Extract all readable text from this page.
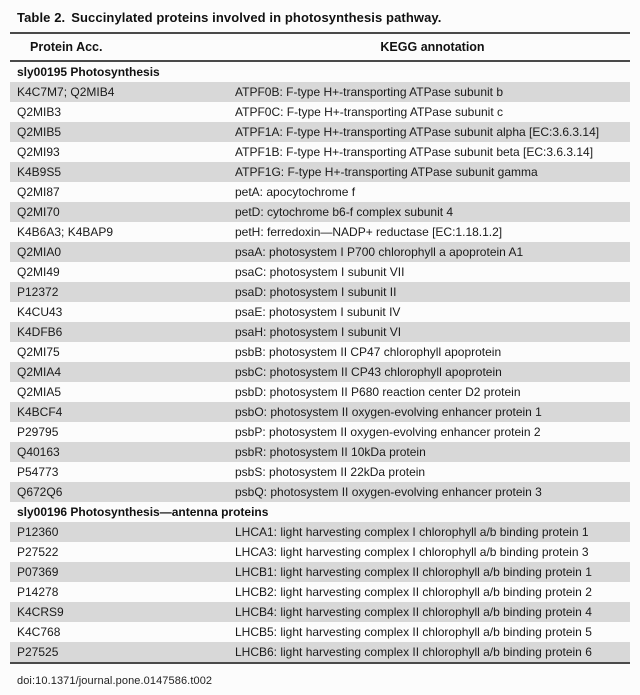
Table 2. Succinylated proteins involved in photosynthesis pathway.
Protein Acc.	KEGG annotation
sly00195 Photosynthesis
K4C7M7; Q2MIB4	ATPF0B: F-type H+-transporting ATPase subunit b
Q2MIB3	ATPF0C: F-type H+-transporting ATPase subunit c
Q2MIB5	ATPF1A: F-type H+-transporting ATPase subunit alpha [EC:3.6.3.14]
Q2MI93	ATPF1B: F-type H+-transporting ATPase subunit beta [EC:3.6.3.14]
K4B9S5	ATPF1G: F-type H+-transporting ATPase subunit gamma
Q2MI87	petA: apocytochrome f
Q2MI70	petD: cytochrome b6-f complex subunit 4
K4B6A3; K4BAP9	petH: ferredoxin—NADP+ reductase [EC:1.18.1.2]
Q2MIA0	psaA: photosystem I P700 chlorophyll a apoprotein A1
Q2MI49	psaC: photosystem I subunit VII
P12372	psaD: photosystem I subunit II
K4CU43	psaE: photosystem I subunit IV
K4DFB6	psaH: photosystem I subunit VI
Q2MI75	psbB: photosystem II CP47 chlorophyll apoprotein
Q2MIA4	psbC: photosystem II CP43 chlorophyll apoprotein
Q2MIA5	psbD: photosystem II P680 reaction center D2 protein
K4BCF4	psbO: photosystem II oxygen-evolving enhancer protein 1
P29795	psbP: photosystem II oxygen-evolving enhancer protein 2
Q40163	psbR: photosystem II 10kDa protein
P54773	psbS: photosystem II 22kDa protein
Q672Q6	psbQ: photosystem II oxygen-evolving enhancer protein 3
sly00196 Photosynthesis—antenna proteins
P12360	LHCA1: light harvesting complex I chlorophyll a/b binding protein 1
P27522	LHCA3: light harvesting complex I chlorophyll a/b binding protein 3
P07369	LHCB1: light harvesting complex II chlorophyll a/b binding protein 1
P14278	LHCB2: light harvesting complex II chlorophyll a/b binding protein 2
K4CRS9	LHCB4: light harvesting complex II chlorophyll a/b binding protein 4
K4C768	LHCB5: light harvesting complex II chlorophyll a/b binding protein 5
P27525	LHCB6: light harvesting complex II chlorophyll a/b binding protein 6
doi:10.1371/journal.pone.0147586.t002
